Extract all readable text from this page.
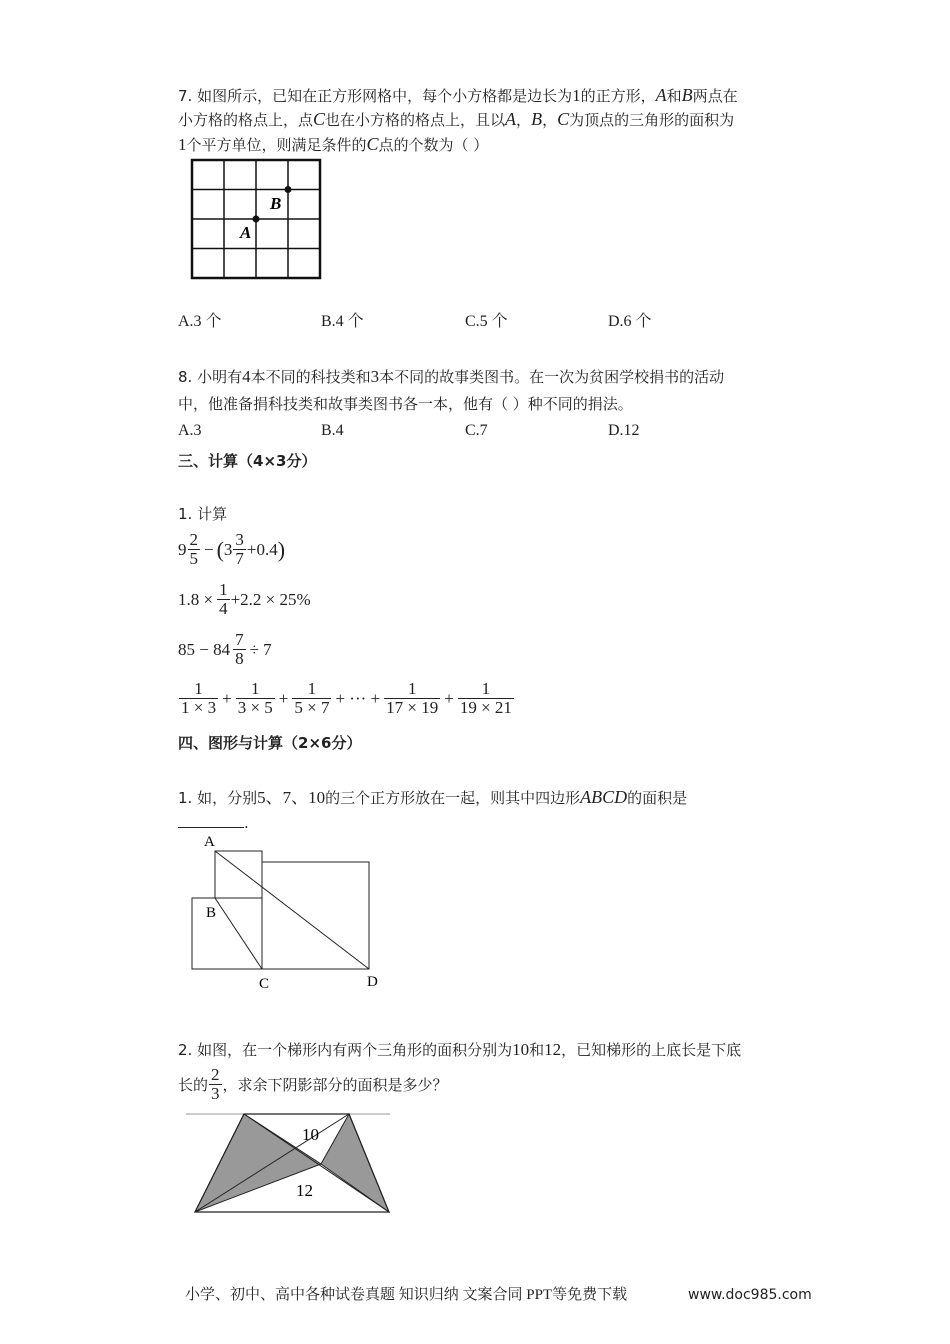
7. 如图所示，已知在正方形网格中，每个小方格都是边长为1的正方形，A和B两点在
小方格的格点上，点C也在小方格的格点上，且以A，B，C为顶点的三角形的面积为
1个平方单位，则满足条件的C点的个数为（ ）
A
B
A.3 个	B.4 个	C.5 个	D.6 个
8. 小明有4本不同的科技类和3本不同的故事类图书。在一次为贫困学校捐书的活动
中，他准备捐科技类和故事类图书各一本，他有（ ）种不同的捐法。
A.3	B.4	C.7	D.12
三、计算（4×3分）
1. 计算
$9 \frac{2}{5}$ − ( $3 \frac{3}{7} +0.4$ )
$1.8 \times \frac{1}{4} +2.2 \times 25\%$
$85 - 84 \frac{7}{8} \div 7$
$\frac{1}{1 \times 3} + \frac{1}{3 \times 5} + \frac{1}{5 \times 7}$ + ··· + $\frac{1}{17 \times 19} + \frac{1}{19 \times 21}$
四、图形与计算（2×6分）
1. 如，分别5、7、10的三个正方形放在一起，则其中四边形ABCD的面积是
.
A
B
C	D
2. 如图，在一个梯形内有两个三角形的面积分别为10和12，已知梯形的上底长是下底
长的 $\frac{2}{3}$ ，求余下阴影部分的面积是多少？
10
12
小学、初中、高中各种试卷真题 知识归纳 文案合同 PPT等免费下载	www.doc985.com
